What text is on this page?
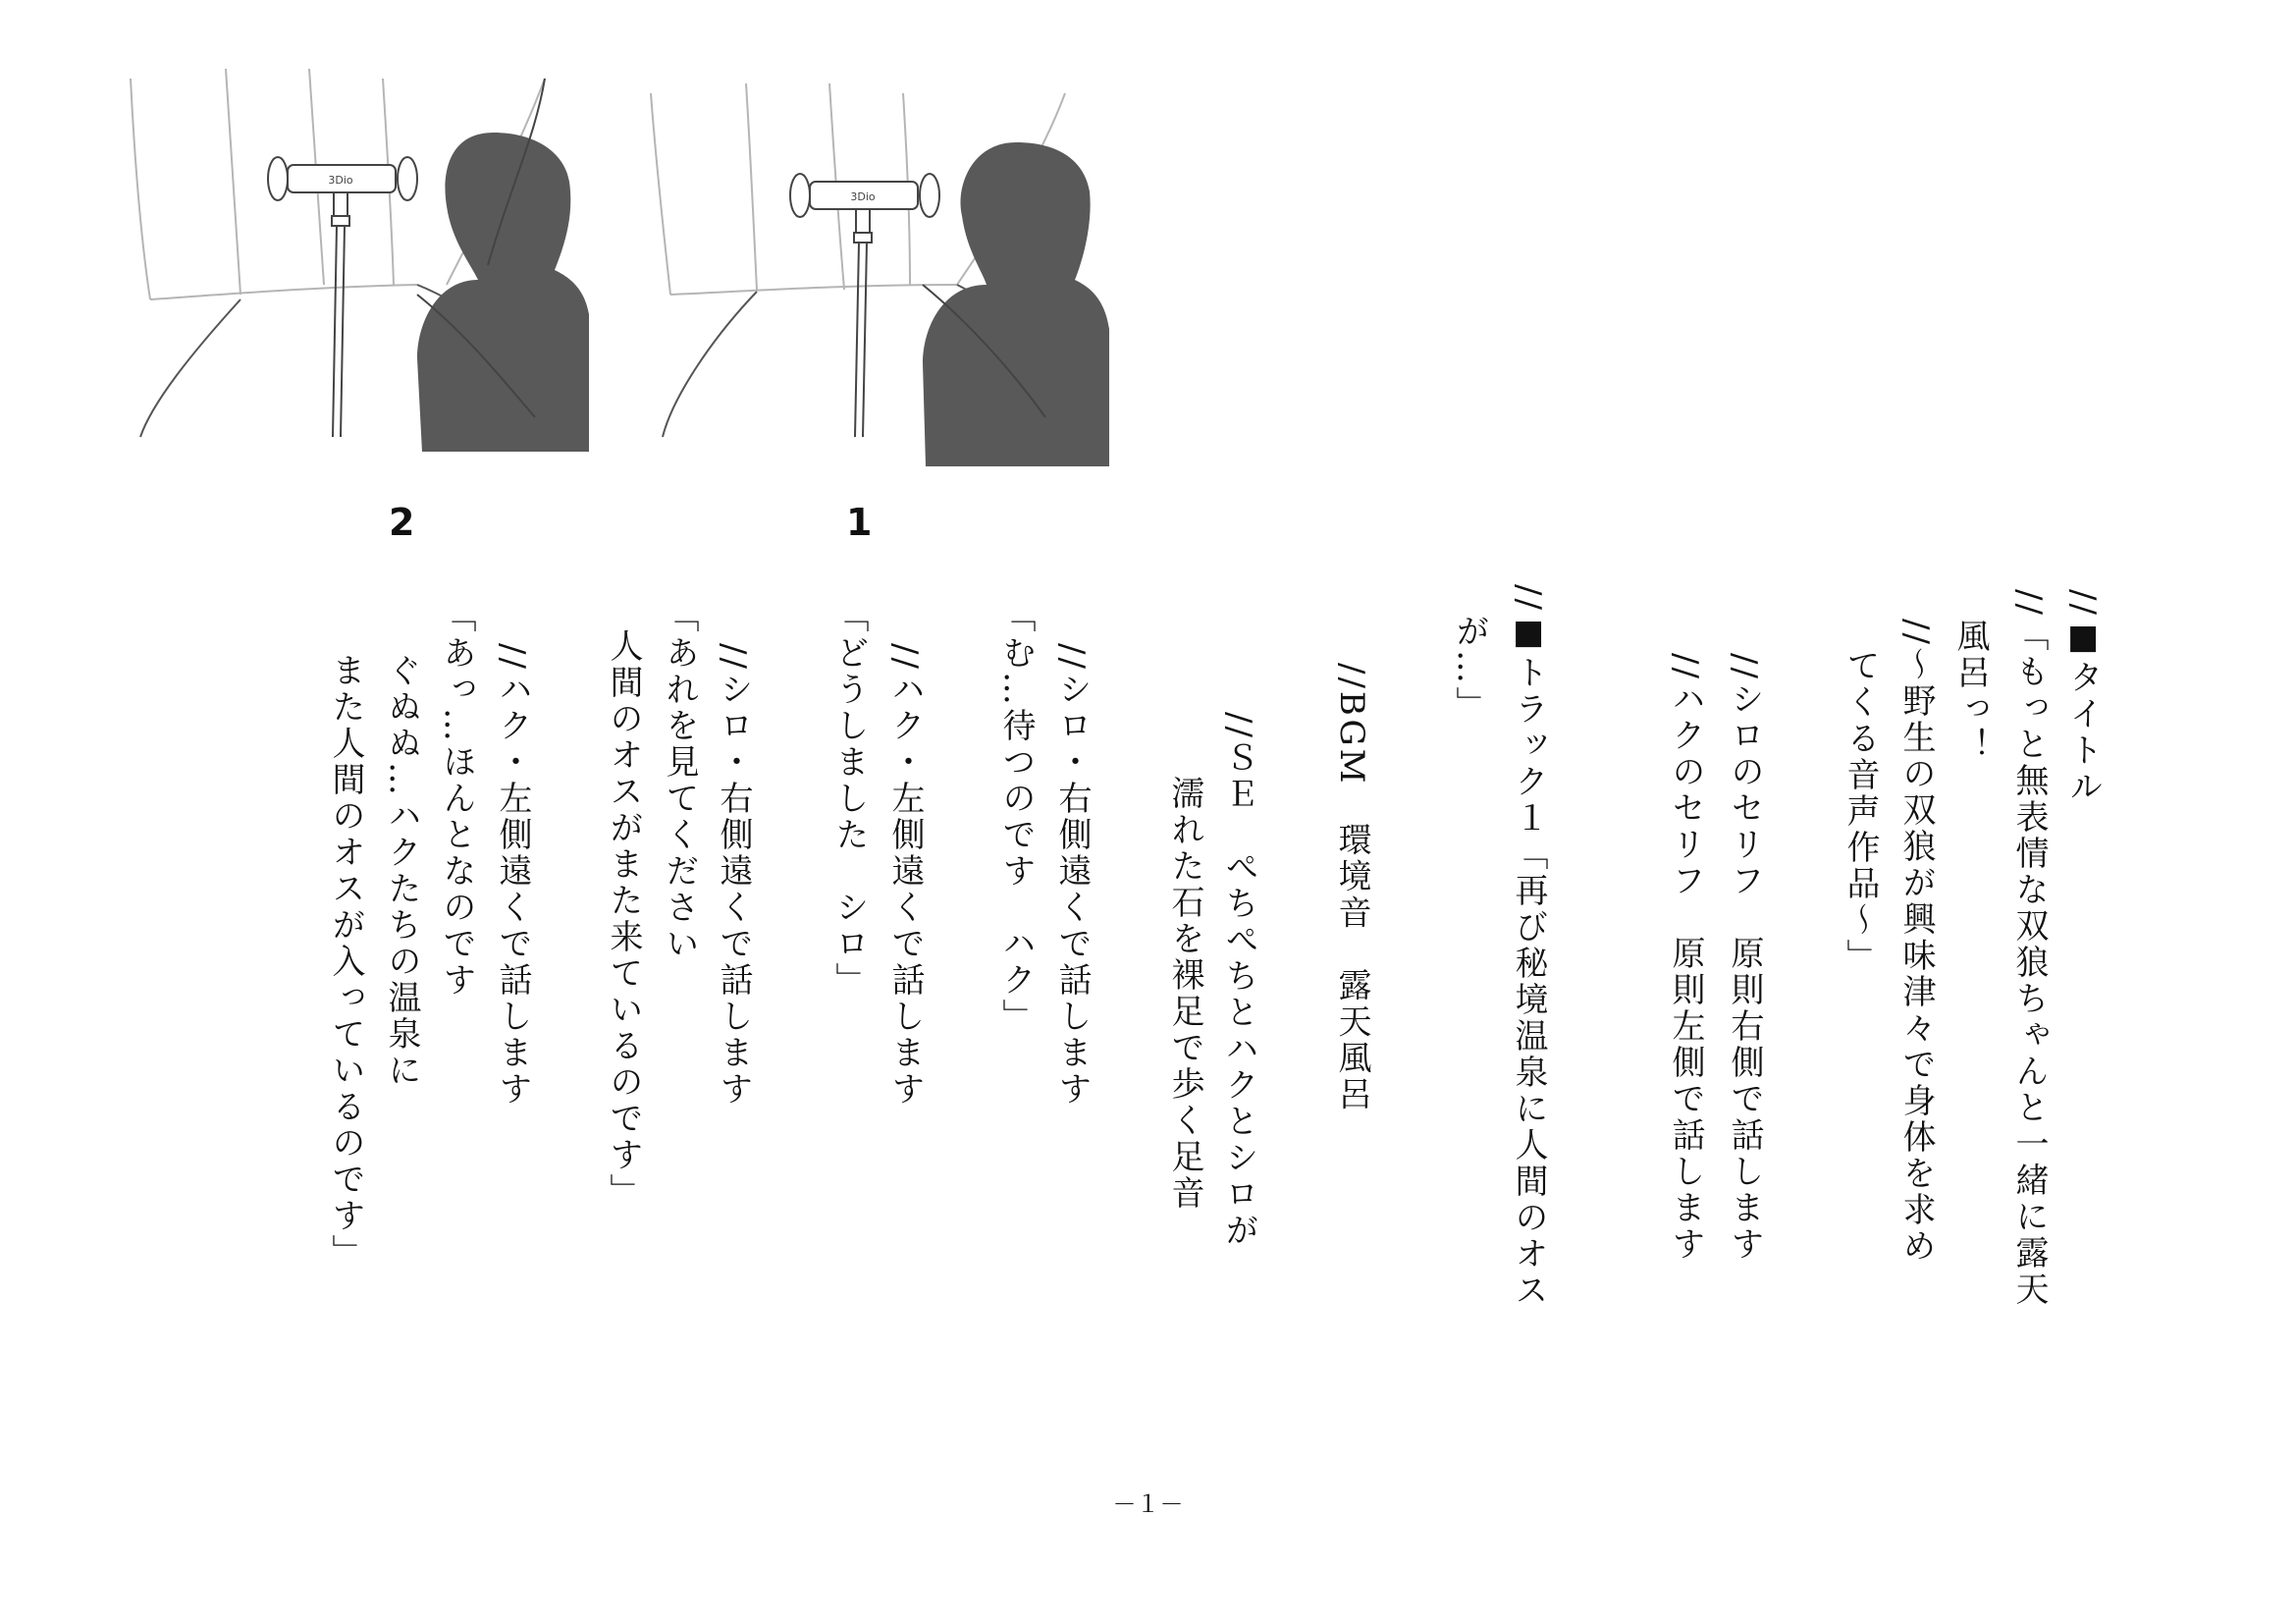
3Dio
2
3Dio
1
//■タイトル
//「もっと無表情な双狼ちゃんと一緒に露天
風呂っ！
//～野生の双狼が興味津々で身体を求め
てくる音声作品～」
//シロのセリフ　原則右側で話します
//ハクのセリフ　原則左側で話します
//■トラック１「再び秘境温泉に人間のオス
が…」
//BGM　環境音　露天風呂
//ＳＥ　ぺちぺちとハクとシロが
濡れた石を裸足で歩く足音
//シロ・右側遠くで話します
「む…待つのです　ハク」
//ハク・左側遠くで話します
「どうしました　シロ」
//シロ・右側遠くで話します
「あれを見てください
人間のオスがまた来ているのです」
//ハク・左側遠くで話します
「あっ…ほんとなのです
ぐぬぬ…ハクたちの温泉に
また人間のオスが入っているのです」
－１－
